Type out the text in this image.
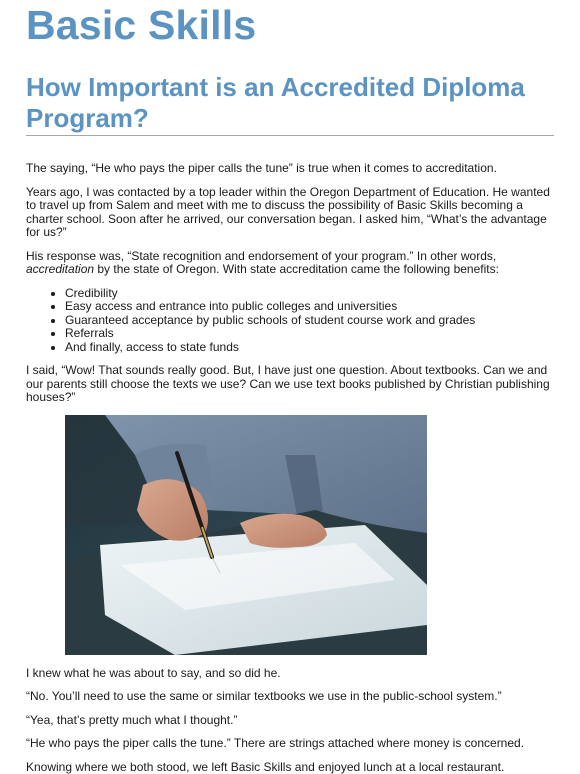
Basic Skills
How Important is an Accredited Diploma Program?

The saying, “He who pays the piper calls the tune” is true when it comes to accreditation.

Years ago, I was contacted by a top leader within the Oregon Department of Education. He wanted to travel up from Salem and meet with me to discuss the possibility of Basic Skills becoming a charter school. Soon after he arrived, our conversation began. I asked him, “What’s the advantage for us?”

His response was, “State recognition and endorsement of your program.” In other words, accreditation by the state of Oregon. With state accreditation came the following benefits:

• Credibility
• Easy access and entrance into public colleges and universities
• Guaranteed acceptance by public schools of student course work and grades
• Referrals
• And finally, access to state funds

I said, “Wow! That sounds really good. But, I have just one question. About textbooks. Can we and our parents still choose the texts we use? Can we use text books published by Christian publishing houses?”

I knew what he was about to say, and so did he.

“No. You’ll need to use the same or similar textbooks we use in the public-school system.”

“Yea, that’s pretty much what I thought.”

“He who pays the piper calls the tune.” There are strings attached where money is concerned.

Knowing where we both stood, we left Basic Skills and enjoyed lunch at a local restaurant.
